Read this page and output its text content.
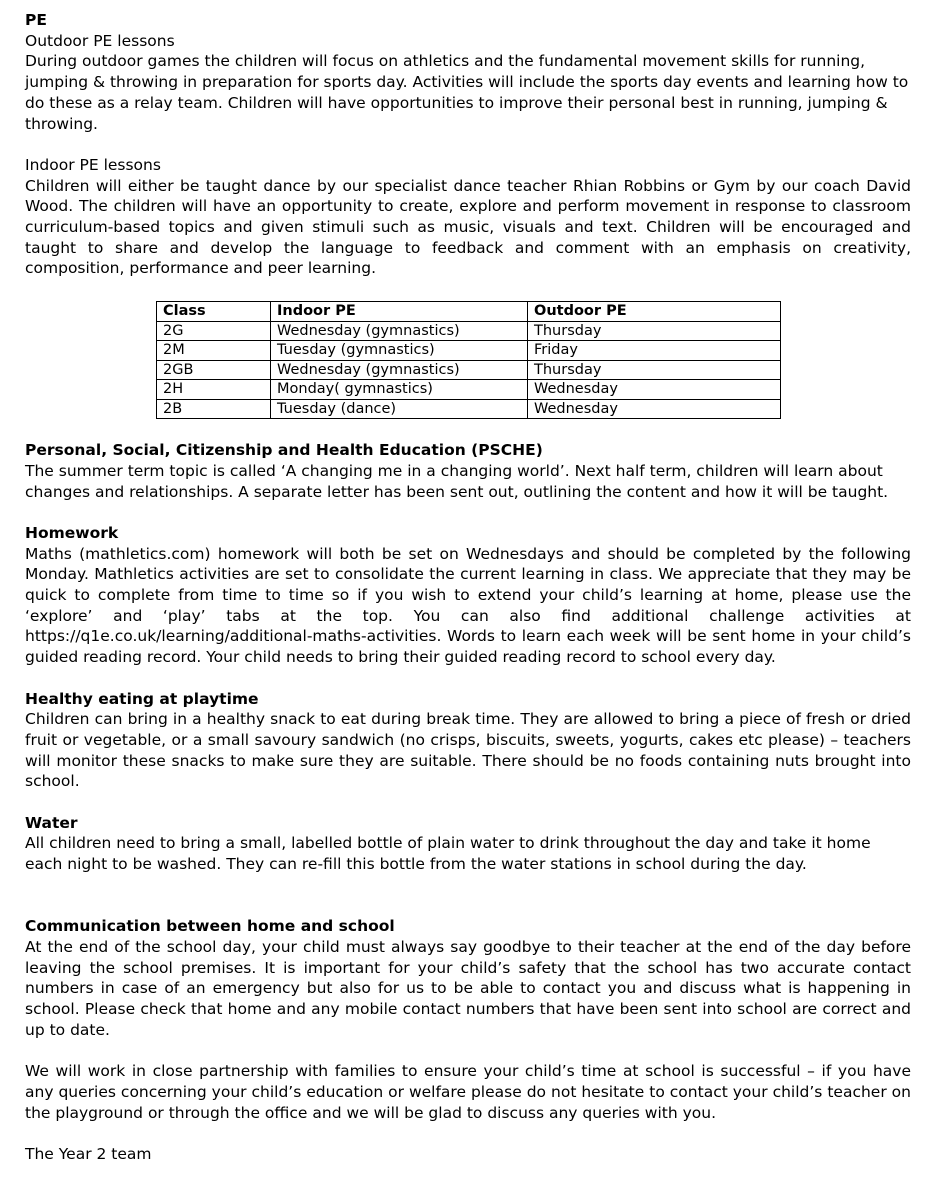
PE

Outdoor PE lessons

During outdoor games the children will focus on athletics and the fundamental movement skills for running, jumping & throwing in preparation for sports day. Activities will include the sports day events and learning how to do these as a relay team. Children will have opportunities to improve their personal best in running, jumping & throwing.

Indoor PE lessons

Children will either be taught dance by our specialist dance teacher Rhian Robbins or Gym by our coach David Wood. The children will have an opportunity to create, explore and perform movement in response to classroom curriculum-based topics and given stimuli such as music, visuals and text. Children will be encouraged and taught to share and develop the language to feedback and comment with an emphasis on creativity, composition, performance and peer learning.

Class	Indoor PE	Outdoor PE
2G	Wednesday (gymnastics)	Thursday
2M	Tuesday (gymnastics)	Friday
2GB	Wednesday (gymnastics)	Thursday
2H	Monday( gymnastics)	Wednesday
2B	Tuesday (dance)	Wednesday
Personal, Social, Citizenship and Health Education (PSCHE)

The summer term topic is called ‘A changing me in a changing world’. Next half term, children will learn about changes and relationships. A separate letter has been sent out, outlining the content and how it will be taught.

Homework

Maths (mathletics.com) homework will both be set on Wednesdays and should be completed by the following Monday. Mathletics activities are set to consolidate the current learning in class. We appreciate that they may be quick to complete from time to time so if you wish to extend your child’s learning at home, please use the ‘explore’ and ‘play’ tabs at the top. You can also find additional challenge activities at https://q1e.co.uk/learning/additional-maths-activities. Words to learn each week will be sent home in your child’s guided reading record. Your child needs to bring their guided reading record to school every day.

Healthy eating at playtime

Children can bring in a healthy snack to eat during break time. They are allowed to bring a piece of fresh or dried fruit or vegetable, or a small savoury sandwich (no crisps, biscuits, sweets, yogurts, cakes etc please) – teachers will monitor these snacks to make sure they are suitable. There should be no foods containing nuts brought into school.

Water

All children need to bring a small, labelled bottle of plain water to drink throughout the day and take it home each night to be washed. They can re-fill this bottle from the water stations in school during the day.

Communication between home and school

At the end of the school day, your child must always say goodbye to their teacher at the end of the day before leaving the school premises. It is important for your child’s safety that the school has two accurate contact numbers in case of an emergency but also for us to be able to contact you and discuss what is happening in school. Please check that home and any mobile contact numbers that have been sent into school are correct and up to date.

We will work in close partnership with families to ensure your child’s time at school is successful – if you have any queries concerning your child’s education or welfare please do not hesitate to contact your child’s teacher on the playground or through the office and we will be glad to discuss any queries with you.

The Year 2 team
